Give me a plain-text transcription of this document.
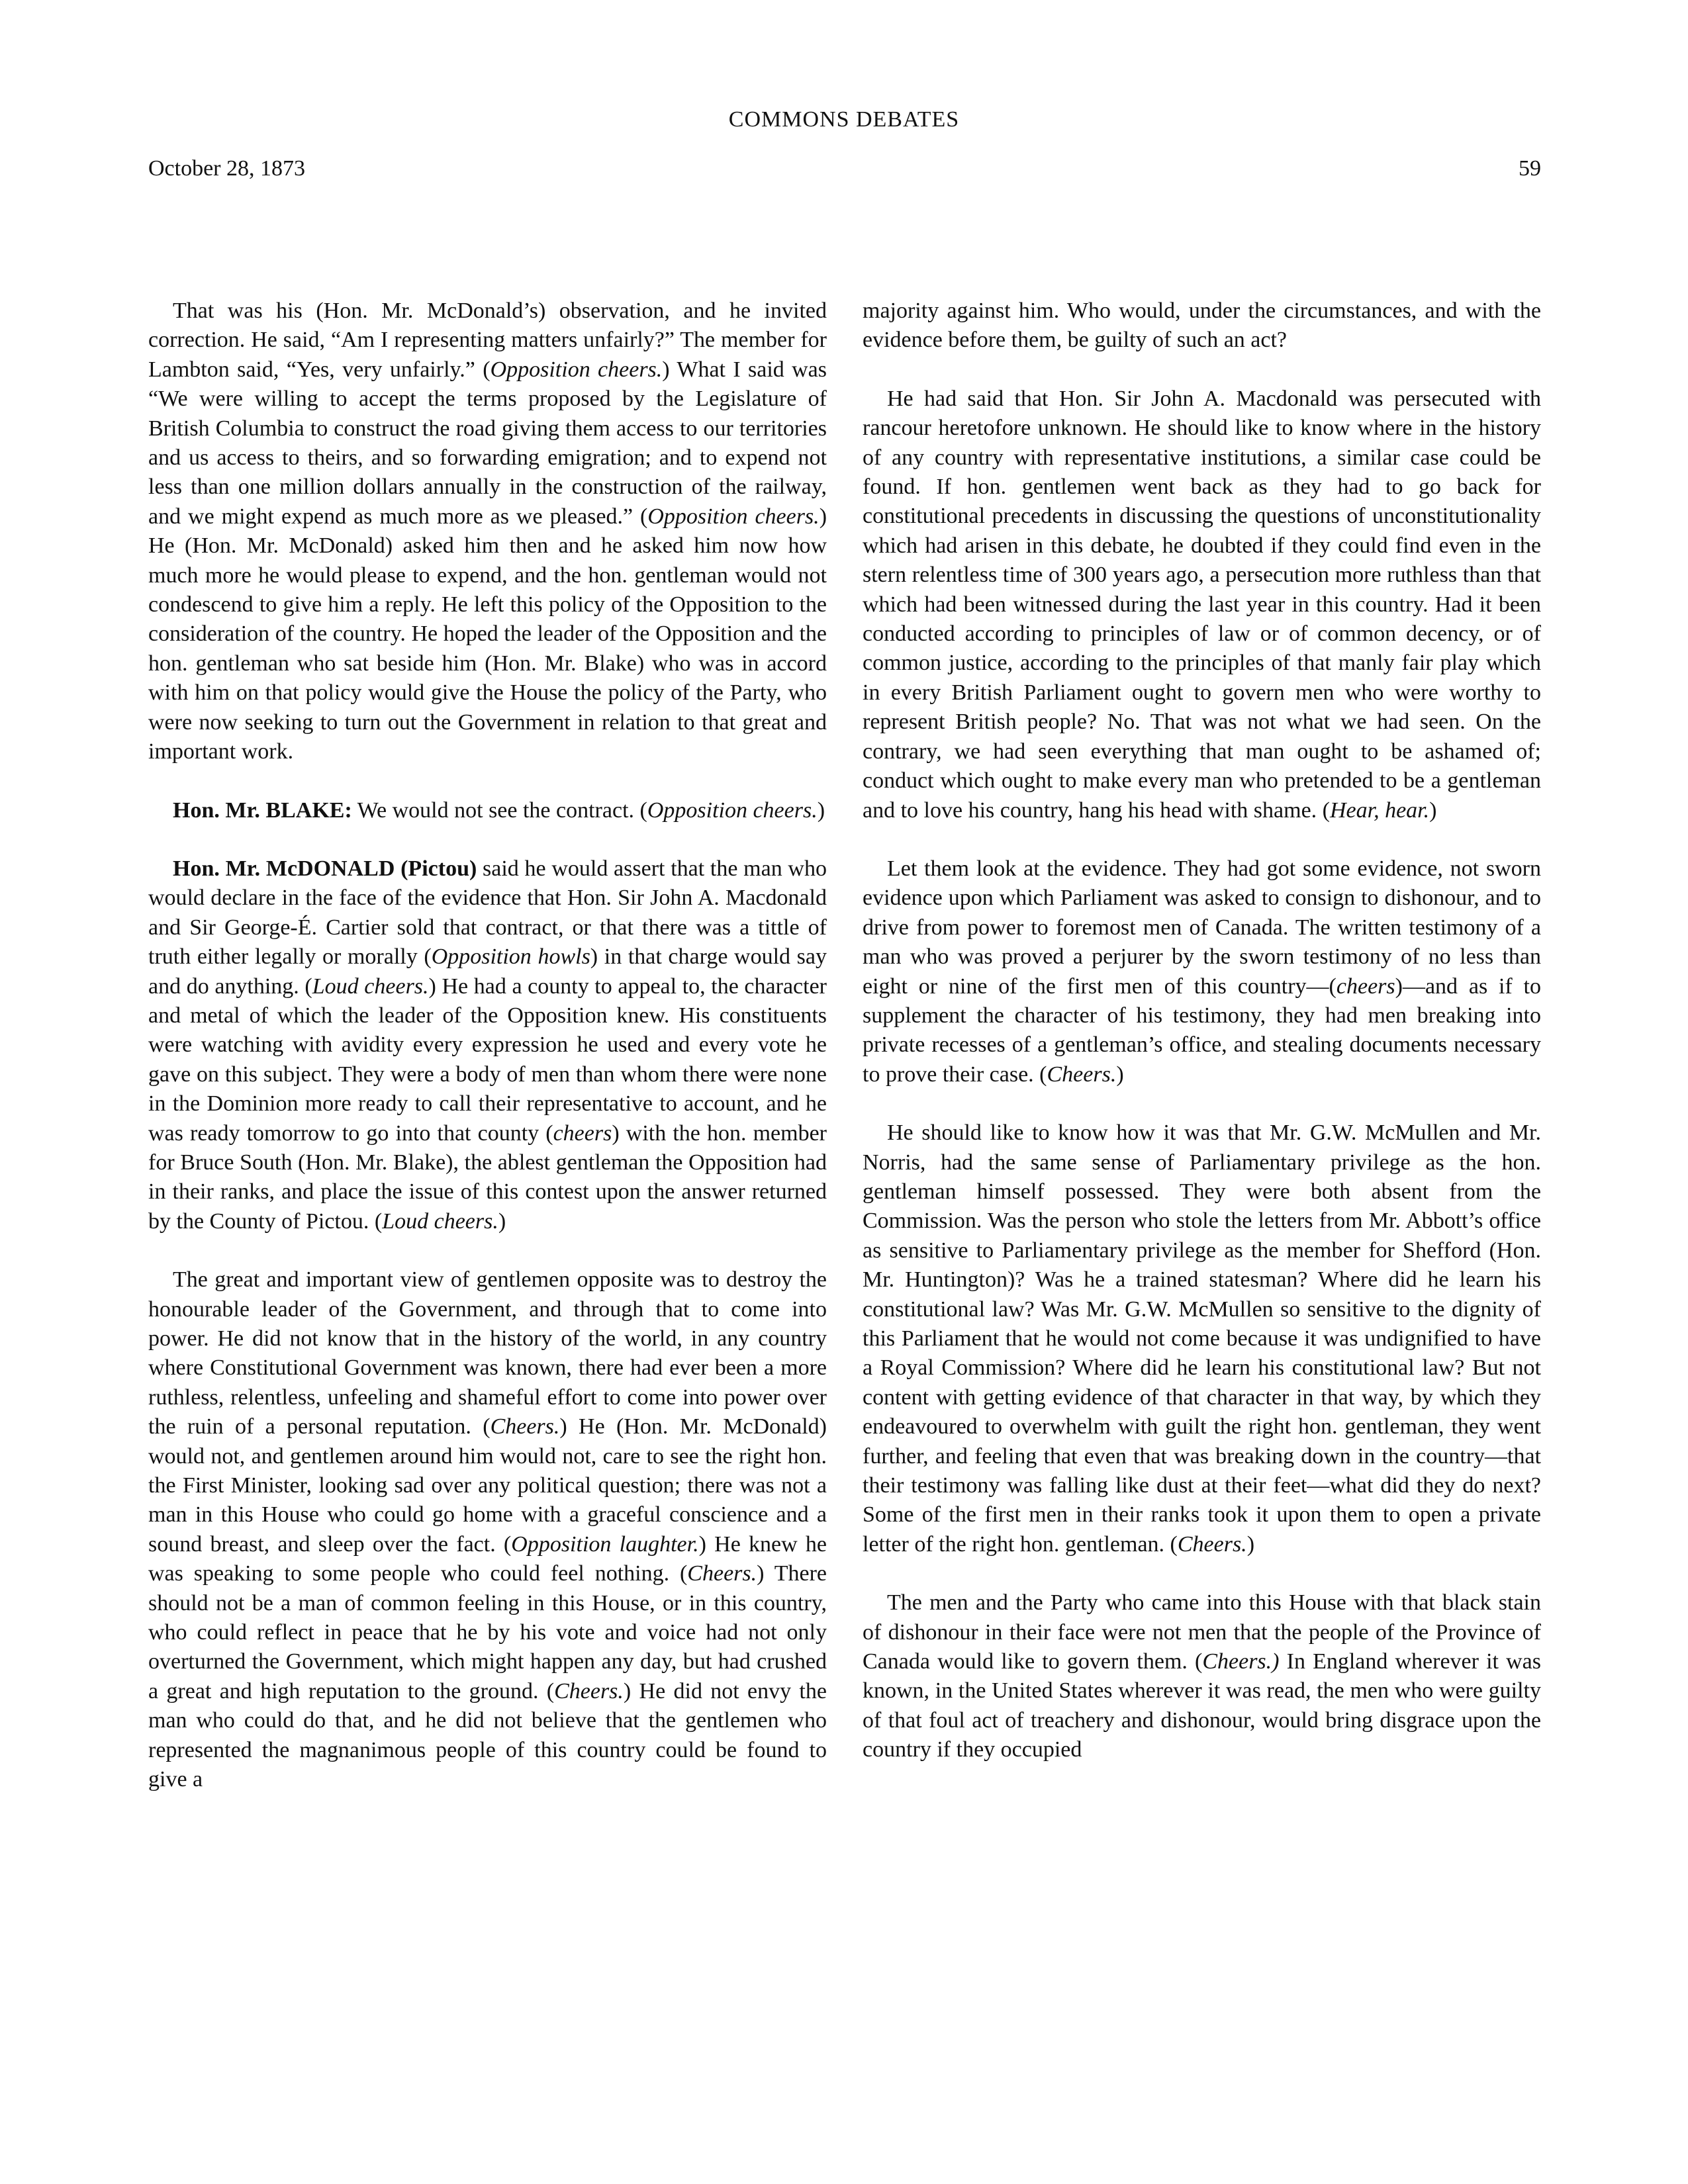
COMMONS DEBATES
October 28, 1873	59

That was his (Hon. Mr. McDonald’s) observation, and he invited correction. He said, “Am I representing matters unfairly?” The member for Lambton said, “Yes, very unfairly.” (Opposition cheers.) What I said was “We were willing to accept the terms proposed by the Legislature of British Columbia to construct the road giving them access to our territories and us access to theirs, and so forwarding emigration; and to expend not less than one million dollars annually in the construction of the railway, and we might expend as much more as we pleased.” (Opposition cheers.) He (Hon. Mr. McDonald) asked him then and he asked him now how much more he would please to expend, and the hon. gentleman would not condescend to give him a reply. He left this policy of the Opposition to the consideration of the country. He hoped the leader of the Opposition and the hon. gentleman who sat beside him (Hon. Mr. Blake) who was in accord with him on that policy would give the House the policy of the Party, who were now seeking to turn out the Government in relation to that great and important work.

Hon. Mr. BLAKE: We would not see the contract. (Opposition cheers.)

Hon. Mr. McDONALD (Pictou) said he would assert that the man who would declare in the face of the evidence that Hon. Sir John A. Macdonald and Sir George-É. Cartier sold that contract, or that there was a tittle of truth either legally or morally (Opposition howls) in that charge would say and do anything. (Loud cheers.) He had a county to appeal to, the character and metal of which the leader of the Opposition knew. His constituents were watching with avidity every expression he used and every vote he gave on this subject. They were a body of men than whom there were none in the Dominion more ready to call their representative to account, and he was ready tomorrow to go into that county (cheers) with the hon. member for Bruce South (Hon. Mr. Blake), the ablest gentleman the Opposition had in their ranks, and place the issue of this contest upon the answer returned by the County of Pictou. (Loud cheers.)

The great and important view of gentlemen opposite was to destroy the honourable leader of the Government, and through that to come into power. He did not know that in the history of the world, in any country where Constitutional Government was known, there had ever been a more ruthless, relentless, unfeeling and shameful effort to come into power over the ruin of a personal reputation. (Cheers.) He (Hon. Mr. McDonald) would not, and gentlemen around him would not, care to see the right hon. the First Minister, looking sad over any political question; there was not a man in this House who could go home with a graceful conscience and a sound breast, and sleep over the fact. (Opposition laughter.) He knew he was speaking to some people who could feel nothing. (Cheers.) There should not be a man of common feeling in this House, or in this country, who could reflect in peace that he by his vote and voice had not only overturned the Government, which might happen any day, but had crushed a great and high reputation to the ground. (Cheers.) He did not envy the man who could do that, and he did not believe that the gentlemen who represented the magnanimous people of this country could be found to give a

majority against him. Who would, under the circumstances, and with the evidence before them, be guilty of such an act?

He had said that Hon. Sir John A. Macdonald was persecuted with rancour heretofore unknown. He should like to know where in the history of any country with representative institutions, a similar case could be found. If hon. gentlemen went back as they had to go back for constitutional precedents in discussing the questions of unconstitutionality which had arisen in this debate, he doubted if they could find even in the stern relentless time of 300 years ago, a persecution more ruthless than that which had been witnessed during the last year in this country. Had it been conducted according to principles of law or of common decency, or of common justice, according to the principles of that manly fair play which in every British Parliament ought to govern men who were worthy to represent British people? No. That was not what we had seen. On the contrary, we had seen everything that man ought to be ashamed of; conduct which ought to make every man who pretended to be a gentleman and to love his country, hang his head with shame. (Hear, hear.)

Let them look at the evidence. They had got some evidence, not sworn evidence upon which Parliament was asked to consign to dishonour, and to drive from power to foremost men of Canada. The written testimony of a man who was proved a perjurer by the sworn testimony of no less than eight or nine of the first men of this country—(cheers)—and as if to supplement the character of his testimony, they had men breaking into private recesses of a gentleman’s office, and stealing documents necessary to prove their case. (Cheers.)

He should like to know how it was that Mr. G.W. McMullen and Mr. Norris, had the same sense of Parliamentary privilege as the hon. gentleman himself possessed. They were both absent from the Commission. Was the person who stole the letters from Mr. Abbott’s office as sensitive to Parliamentary privilege as the member for Shefford (Hon. Mr. Huntington)? Was he a trained statesman? Where did he learn his constitutional law? Was Mr. G.W. McMullen so sensitive to the dignity of this Parliament that he would not come because it was undignified to have a Royal Commission? Where did he learn his constitutional law? But not content with getting evidence of that character in that way, by which they endeavoured to overwhelm with guilt the right hon. gentleman, they went further, and feeling that even that was breaking down in the country—that their testimony was falling like dust at their feet—what did they do next? Some of the first men in their ranks took it upon them to open a private letter of the right hon. gentleman. (Cheers.)

The men and the Party who came into this House with that black stain of dishonour in their face were not men that the people of the Province of Canada would like to govern them. (Cheers.) In England wherever it was known, in the United States wherever it was read, the men who were guilty of that foul act of treachery and dishonour, would bring disgrace upon the country if they occupied
